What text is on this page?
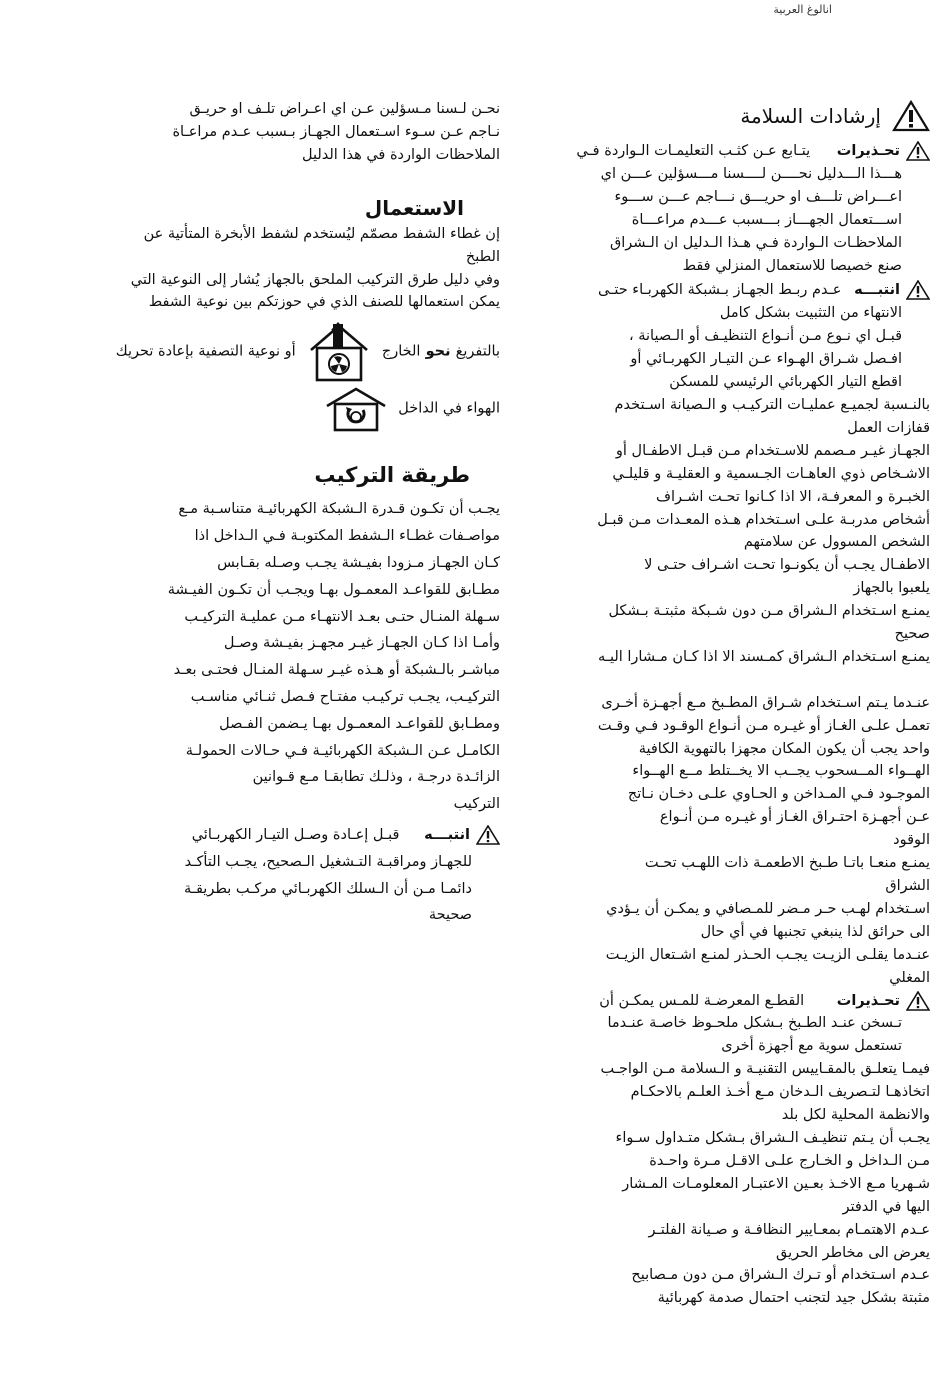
انالوغ العربية
إرشادات السلامة
تحـذيرات يتـابع عـن كثـب التعليمـات الـواردة فـي
هـــذا الـــدليل نحــــن لــــسنا مـــسؤلين عـــن اي
اعـــراض تلـــف او حريـــق نـــاجم عـــن ســـوء
اســـتعمال الجهـــاز بـــسبب عـــدم مراعـــاة
الملاحظـات الـواردة فـي هـذا الـدليل ان الـشراق
صنع خصيصا للاستعمال المنزلي فقط
انتبـــه عـدم ربـط الجهـاز بـشبكة الكهربـاء حتـى
الانتهاء من التثبيت بشكل كامل
قبـل اي نـوع مـن أنـواع التنظيـف أو الـصيانة ،
افـصل شـراق الهـواء عـن التيـار الكهربـائي أو
اقطع التيار الكهربائي الرئيسي للمسكن
بالنـسبة لجميـع عمليـات التركيـب و الـصيانة اسـتخدم
قفازات العمل
الجهـاز غيـر مـصمم للاسـتخدام مـن قبـل الاطفـال أو
الاشـخاص ذوي العاهـات الجـسمية و العقليـة و قليلـي
الخبـرة و المعرفـة، الا اذا كـانوا تحـت اشـراف
أشخاص مدربـة علـى اسـتخدام هـذه المعـدات مـن قبـل
الشخص المسوول عن سلامتهم
الاطفـال يجـب أن يكونـوا تحـت اشـراف حتـى لا
يلعبوا بالجهاز
يمنـع اسـتخدام الـشراق مـن دون شـبكة مثبتـة بـشكل
صحيح
يمنـع اسـتخدام الـشراق كمـسند الا اذا كـان مـشارا اليـه

عنـدما يـتم اسـتخدام شـراق المطـبخ مـع أجهـزة أخـرى
تعمـل علـى الغـاز أو غيـره مـن أنـواع الوقـود فـي وقـت
واحد يجب أن يكون المكان مجهزا بالتهوية الكافية
الهــواء المــسحوب يجــب الا يخــتلط مــع الهــواء
الموجـود فـي المـداخن و الحـاوي علـى دخـان نـاتج
عـن أجهـزة احتـراق الغـاز أو غيـره مـن أنـواع
الوقود
يمنـع منعـا باتـا طـبخ الاطعمـة ذات اللهـب تحـت
الشراق
اسـتخدام لهـب حـر مـضر للمـصافي و يمكـن أن يـؤدي
الى حرائق لذا ينبغي تجنبها في أي حال
عنـدما يقلـى الزيـت يجـب الحـذر لمنـع اشـتعال الزيـت
المغلي
تحـذيرات القطـع المعرضـة للمـس يمكـن أن
تـسخن عنـد الطـبخ بـشكل ملحـوظ خاصـة عنـدما
تستعمل سوية مع أجهزة أخرى
فيمـا يتعلـق بالمقـاييس التقنيـة و الـسلامة مـن الواجـب
اتخاذهـا لتـصريف الـدخان مـع أخـذ العلـم بالاحكـام
والانظمة المحلية لكل بلد
يجـب أن يـتم تنظيـف الـشراق بـشكل متـداول سـواء
مـن الـداخل و الخـارج علـى الاقـل مـرة واحـدة
شـهريا مـع الاخـذ بعـين الاعتبـار المعلومـات المـشار
اليها في الدفتر
عـدم الاهتمـام بمعـايير النظافـة و صـيانة الفلتـر
يعرض الى مخاطر الحريق
عـدم اسـتخدام أو تـرك الـشراق مـن دون مـصابيح
مثبتة بشكل جيد لتجنب احتمال صدمة كهربائية
نحـن لـسنا مـسؤلين عـن اي اعـراض تلـف او حريـق
نـاجم عـن سـوء اسـتعمال الجهـاز بـسبب عـدم مراعـاة
الملاحظات الواردة في هذا الدليل
الاستعمال
إن غطاء الشفط مصمّم ليُستخدم لشفط الأبخرة المتأتية عن
الطبخ
وفي دليل طرق التركيب الملحق بالجهاز يُشار إلى النوعية التي
يمكن استعمالها للصنف الذي في حوزتكم بين نوعية الشفط
بالتفريغ نحو الخارج  أو نوعية التصفية بإعادة تحريك
الهواء في الداخل
طريقة التركيب
يجـب أن تكـون قـدرة الـشبكة الكهربائيـة متناسـبة مـع
مواصـفات غطـاء الـشفط المكتوبـة فـي الـداخل اذا
كـان الجهـاز مـزودا بفيـشة يجـب وصـله بقـابس
مطـابق للقواعـد المعمـول بهـا ويجـب أن تكـون الفيـشة
سـهلة المنـال حتـى بعـد الانتهـاء مـن عمليـة التركيـب
وأمـا اذا كـان الجهـاز غيـر مجهـز بفيـشة وصـل
مباشـر بالـشبكة أو هـذه غيـر سـهلة المنـال فحتـى بعـد
التركيـب، يجـب تركيـب مفتـاح فـصل ثنـائي مناسـب
ومطـابق للقواعـد المعمـول بهـا يـضمن الفـصل
الكامـل عـن الـشبكة الكهربائيـة فـي حـالات الحمولـة
الزائـدة درجـة ، وذلـك تطابقـا مـع قـوانين
التركيب
انتبـــه قبـل إعـادة وصـل التيـار الكهربـائي
للجهـاز ومراقبـة التـشغيل الـصحيح، يجـب التأكـد
دائمـا مـن أن الـسلك الكهربـائي مركـب بطريقـة
صحيحة
